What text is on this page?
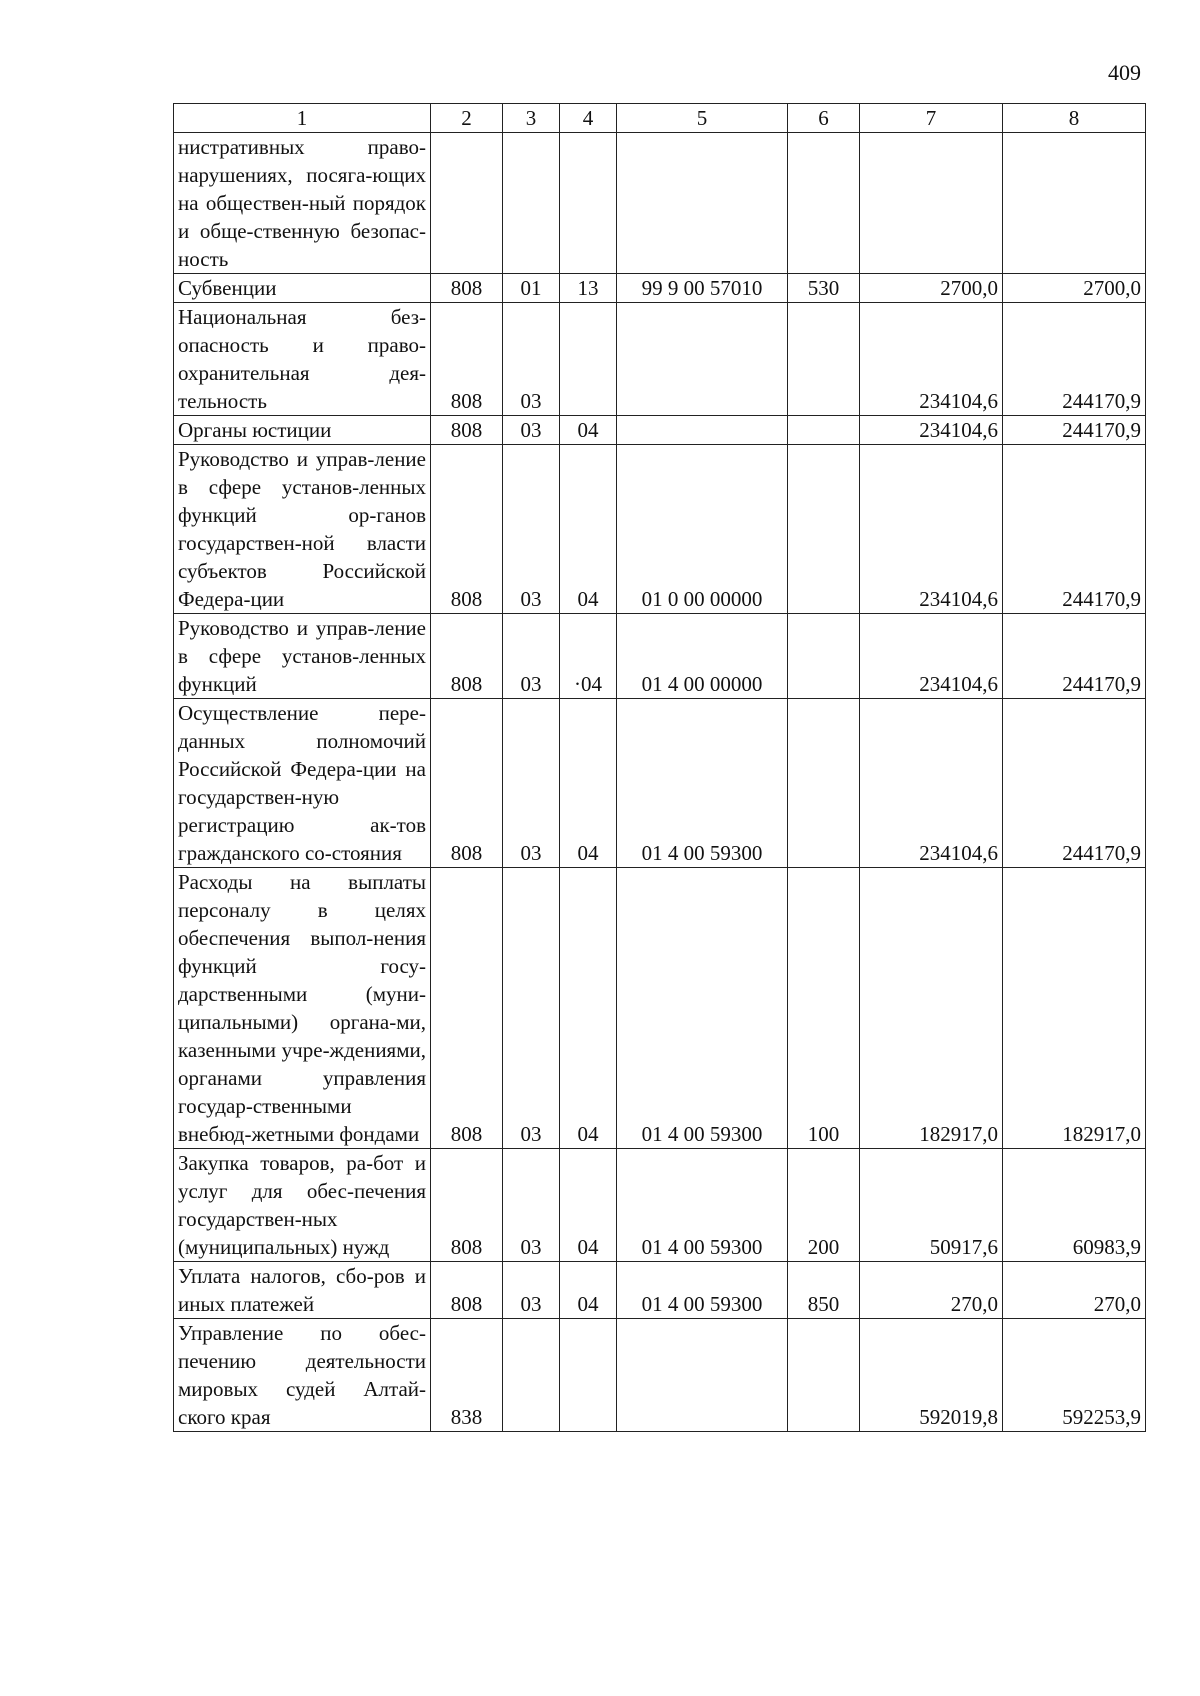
409
1	2	3	4	5	6	7	8
нистративных право-нарушениях, посяга-ющих на обществен-ный порядок и обще-ственную безопас-ность							
Субвенции	808	01	13	99 9 00 57010	530	2700,0	2700,0
Национальная без-опасность и право-охранительная дея-тельность	808	03				234104,6	244170,9
Органы юстиции	808	03	04			234104,6	244170,9
Руководство и управ-ление в сфере установ-ленных функций ор-ганов государствен-ной власти субъектов Российской Федера-ции	808	03	04	01 0 00 00000		234104,6	244170,9
Руководство и управ-ление в сфере установ-ленных функций	808	03	·04	01 4 00 00000		234104,6	244170,9
Осуществление пере-данных полномочий Российской Федера-ции на государствен-ную регистрацию ак-тов гражданского со-стояния	808	03	04	01 4 00 59300		234104,6	244170,9
Расходы на выплаты персоналу в целях обеспечения выпол-нения функций госу-дарственными (муни-ципальными) органа-ми, казенными учре-ждениями, органами управления государ-ственными внебюд-жетными фондами	808	03	04	01 4 00 59300	100	182917,0	182917,0
Закупка товаров, ра-бот и услуг для обес-печения государствен-ных (муниципальных) нужд	808	03	04	01 4 00 59300	200	50917,6	60983,9
Уплата налогов, сбо-ров и иных платежей	808	03	04	01 4 00 59300	850	270,0	270,0
Управление по обес-печению деятельности мировых судей Алтай-ского края	838					592019,8	592253,9
